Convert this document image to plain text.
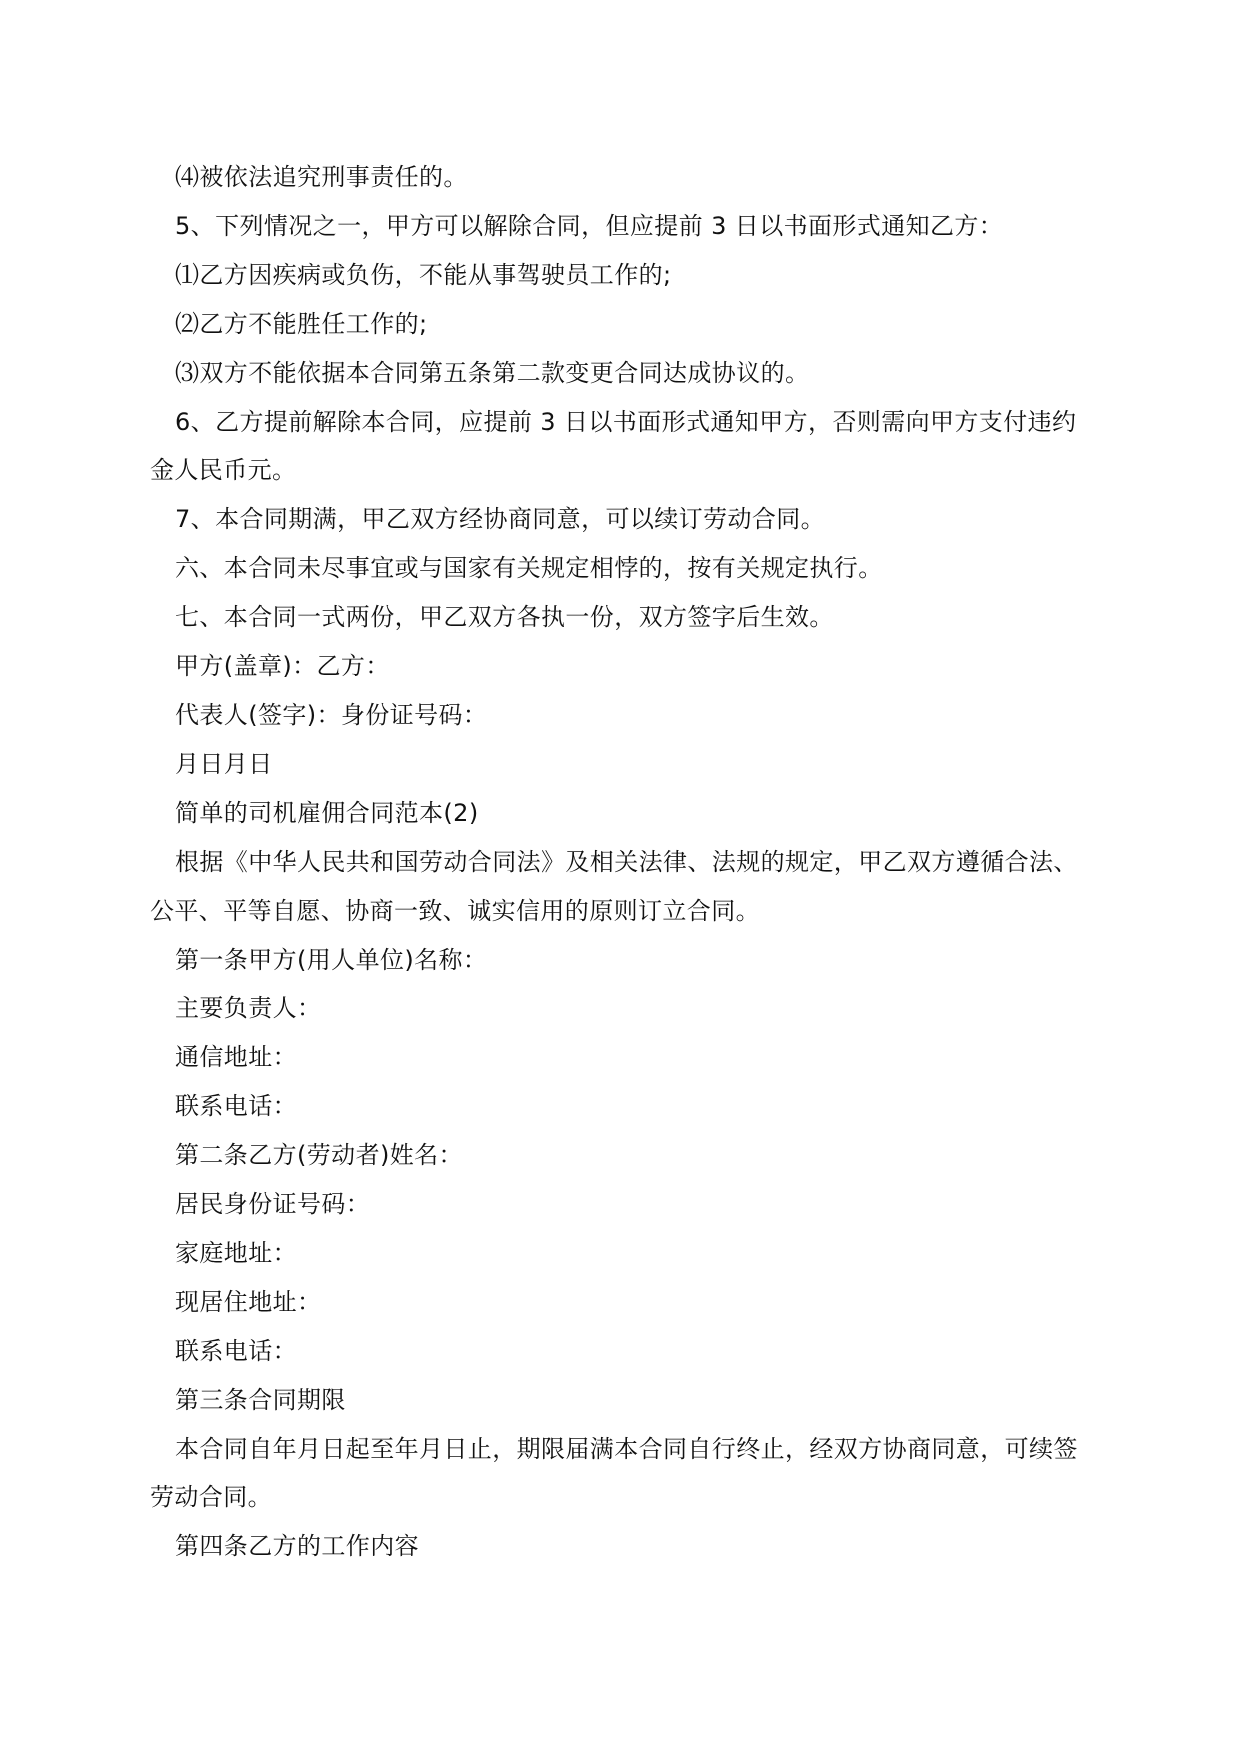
⑷被依法追究刑事责任的。

5、下列情况之一，甲方可以解除合同，但应提前 3 日以书面形式通知乙方：

⑴乙方因疾病或负伤，不能从事驾驶员工作的;

⑵乙方不能胜任工作的;

⑶双方不能依据本合同第五条第二款变更合同达成协议的。

6、乙方提前解除本合同，应提前 3 日以书面形式通知甲方，否则需向甲方支付违约金人民币元。

7、本合同期满，甲乙双方经协商同意，可以续订劳动合同。

六、本合同未尽事宜或与国家有关规定相悖的，按有关规定执行。

七、本合同一式两份，甲乙双方各执一份，双方签字后生效。

甲方(盖章)：乙方：

代表人(签字)：身份证号码：

月日月日

简单的司机雇佣合同范本(2)

根据《中华人民共和国劳动合同法》及相关法律、法规的规定，甲乙双方遵循合法、公平、平等自愿、协商一致、诚实信用的原则订立合同。

第一条甲方(用人单位)名称：

主要负责人：

通信地址：

联系电话：

第二条乙方(劳动者)姓名：

居民身份证号码：

家庭地址：

现居住地址：

联系电话：

第三条合同期限

本合同自年月日起至年月日止，期限届满本合同自行终止，经双方协商同意，可续签劳动合同。

第四条乙方的工作内容
